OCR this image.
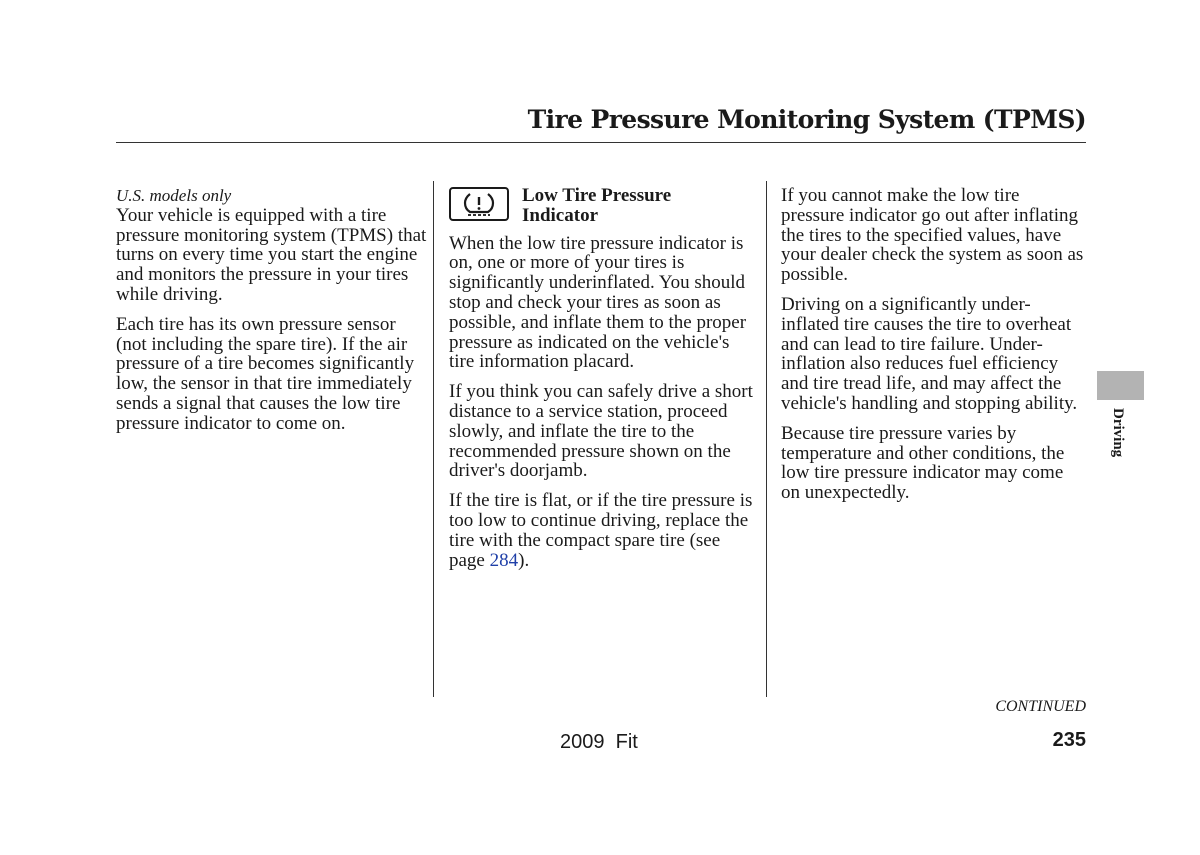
Tire Pressure Monitoring System (TPMS)
U.S. models only

Your vehicle is equipped with a tire pressure monitoring system (TPMS) that turns on every time you start the engine and monitors the pressure in your tires while driving.

Each tire has its own pressure sensor (not including the spare tire). If the air pressure of a tire becomes significantly low, the sensor in that tire immediately sends a signal that causes the low tire pressure indicator to come on.

Low Tire Pressure Indicator

When the low tire pressure indicator is on, one or more of your tires is significantly underinflated. You should stop and check your tires as soon as possible, and inflate them to the proper pressure as indicated on the vehicle's tire information placard.

If you think you can safely drive a short distance to a service station, proceed slowly, and inflate the tire to the recommended pressure shown on the driver's doorjamb.

If the tire is flat, or if the tire pressure is too low to continue driving, replace the tire with the compact spare tire (see page 284).

If you cannot make the low tire pressure indicator go out after inflating the tires to the specified values, have your dealer check the system as soon as possible.

Driving on a significantly under-inflated tire causes the tire to overheat and can lead to tire failure. Under-inflation also reduces fuel efficiency and tire tread life, and may affect the vehicle's handling and stopping ability.

Because tire pressure varies by temperature and other conditions, the low tire pressure indicator may come on unexpectedly.

Driving
CONTINUED
2009  Fit	235
